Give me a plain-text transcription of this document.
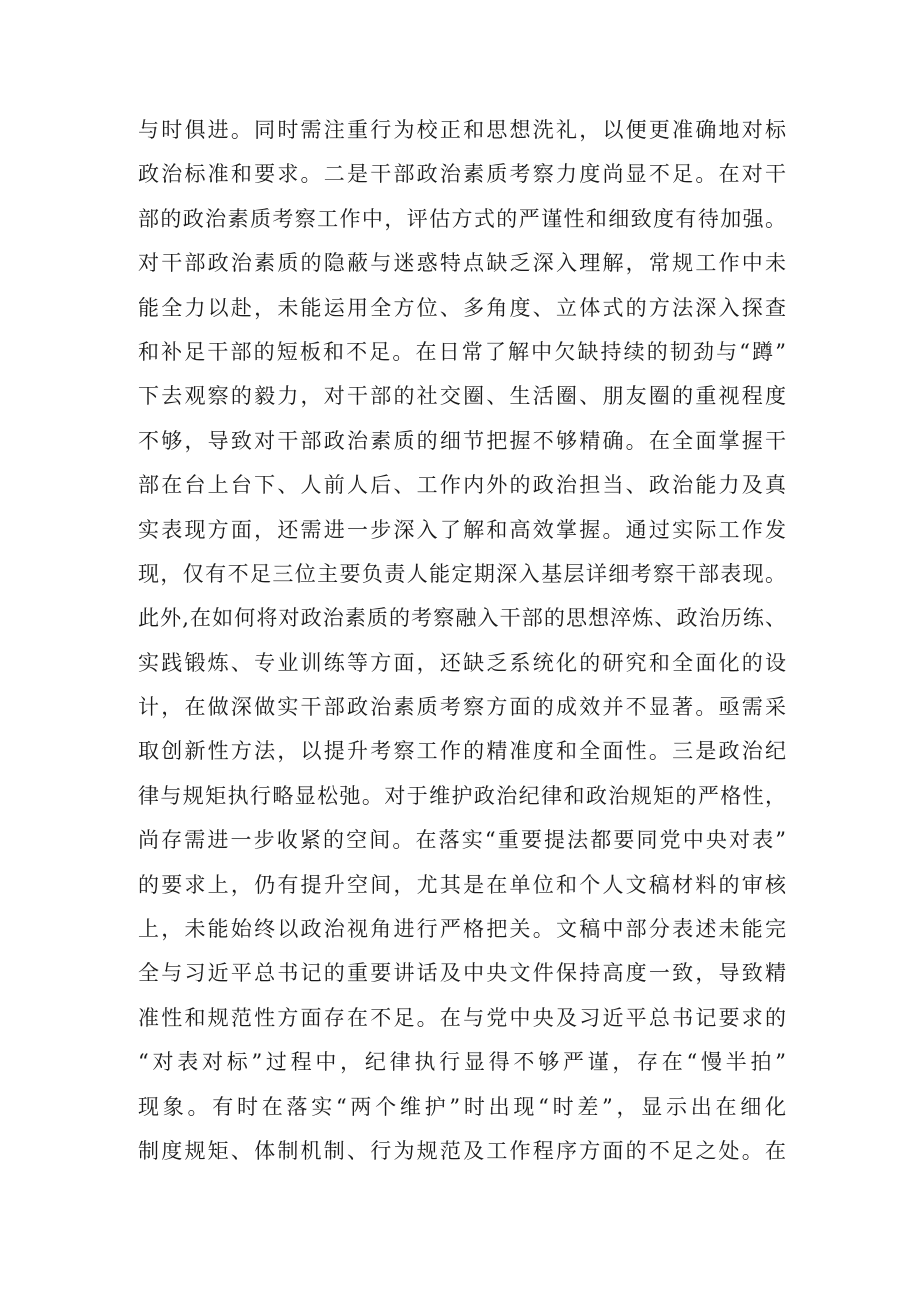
与时俱进。同时需注重行为校正和思想洗礼，以便更准确地对标
政治标准和要求。二是干部政治素质考察力度尚显不足。在对干
部的政治素质考察工作中，评估方式的严谨性和细致度有待加强。
对干部政治素质的隐蔽与迷惑特点缺乏深入理解，常规工作中未
能全力以赴，未能运用全方位、多角度、立体式的方法深入探查
和补足干部的短板和不足。在日常了解中欠缺持续的韧劲与“蹲”
下去观察的毅力，对干部的社交圈、生活圈、朋友圈的重视程度
不够，导致对干部政治素质的细节把握不够精确。在全面掌握干
部在台上台下、人前人后、工作内外的政治担当、政治能力及真
实表现方面，还需进一步深入了解和高效掌握。通过实际工作发
现，仅有不足三位主要负责人能定期深入基层详细考察干部表现。
此外,在如何将对政治素质的考察融入干部的思想淬炼、政治历练、
实践锻炼、专业训练等方面，还缺乏系统化的研究和全面化的设
计，在做深做实干部政治素质考察方面的成效并不显著。亟需采
取创新性方法，以提升考察工作的精准度和全面性。三是政治纪
律与规矩执行略显松弛。对于维护政治纪律和政治规矩的严格性，
尚存需进一步收紧的空间。在落实“重要提法都要同党中央对表”
的要求上，仍有提升空间，尤其是在单位和个人文稿材料的审核
上，未能始终以政治视角进行严格把关。文稿中部分表述未能完
全与习近平总书记的重要讲话及中央文件保持高度一致，导致精
准性和规范性方面存在不足。在与党中央及习近平总书记要求的
“对表对标”过程中，纪律执行显得不够严谨，存在“慢半拍”
现象。有时在落实“两个维护”时出现“时差”，显示出在细化
制度规矩、体制机制、行为规范及工作程序方面的不足之处。在
